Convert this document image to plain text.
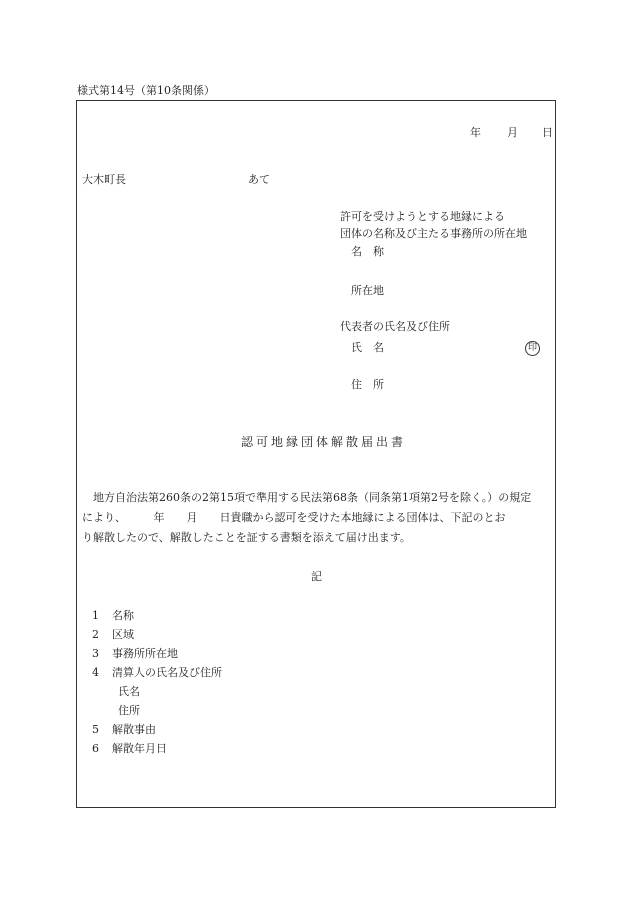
様式第14号（第10条関係）
年 月 日
大木町長	あて
許可を受けようとする地縁による
団体の名称及び主たる事務所の所在地
名　称
所在地
代表者の氏名及び住所
氏　名	印
住　所
認可地縁団体解散届出書
　地方自治法第260条の2第15項で準用する民法第68条（同条第1項第2号を除く。）の規定
により、　　　年　　月　　日貴職から認可を受けた本地縁による団体は、下記のとお
り解散したので、解散したことを証する書類を添えて届け出ます。
記
1 名称
2 区域
3 事務所所在地
4 清算人の氏名及び住所
氏名
住所
5 解散事由
6 解散年月日
